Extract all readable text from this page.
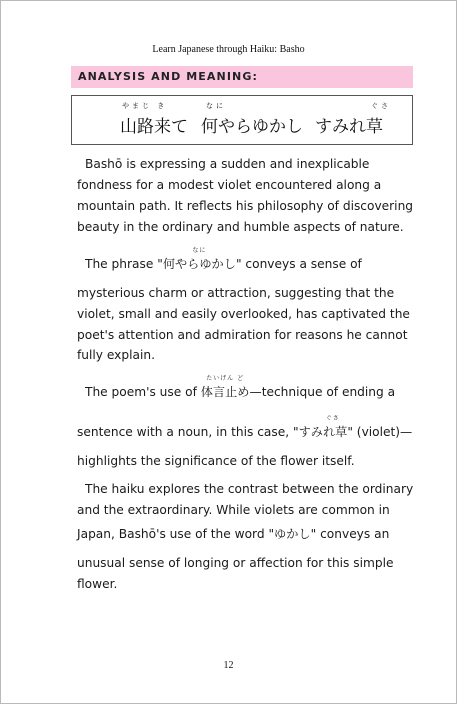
Learn Japanese through Haiku: Basho
ANALYSIS AND MEANING:
やまじ き
山路来て
なに
何やらゆかし
ぐさ
すみれ草
Bashō is expressing a sudden and inexplicable
fondness for a modest violet encountered along a
mountain path. It reflects his philosophy of discovering
beauty in the ordinary and humble aspects of nature.
The phrase "
なに
何やらゆかし" conveys a sense of
mysterious charm or attraction, suggesting that the
violet, small and easily overlooked, has captivated the
poet's attention and admiration for reasons he cannot
fully explain.
The poem's use of
たいげん ど
体言止め—technique of ending a
sentence with a noun, in this case, "
ぐさ
すみれ草" (violet)—
highlights the significance of the flower itself.
The haiku explores the contrast between the ordinary
and the extraordinary. While violets are common in
Japan, Bashō's use of the word "ゆかし" conveys an
unusual sense of longing or affection for this simple
flower.
12
